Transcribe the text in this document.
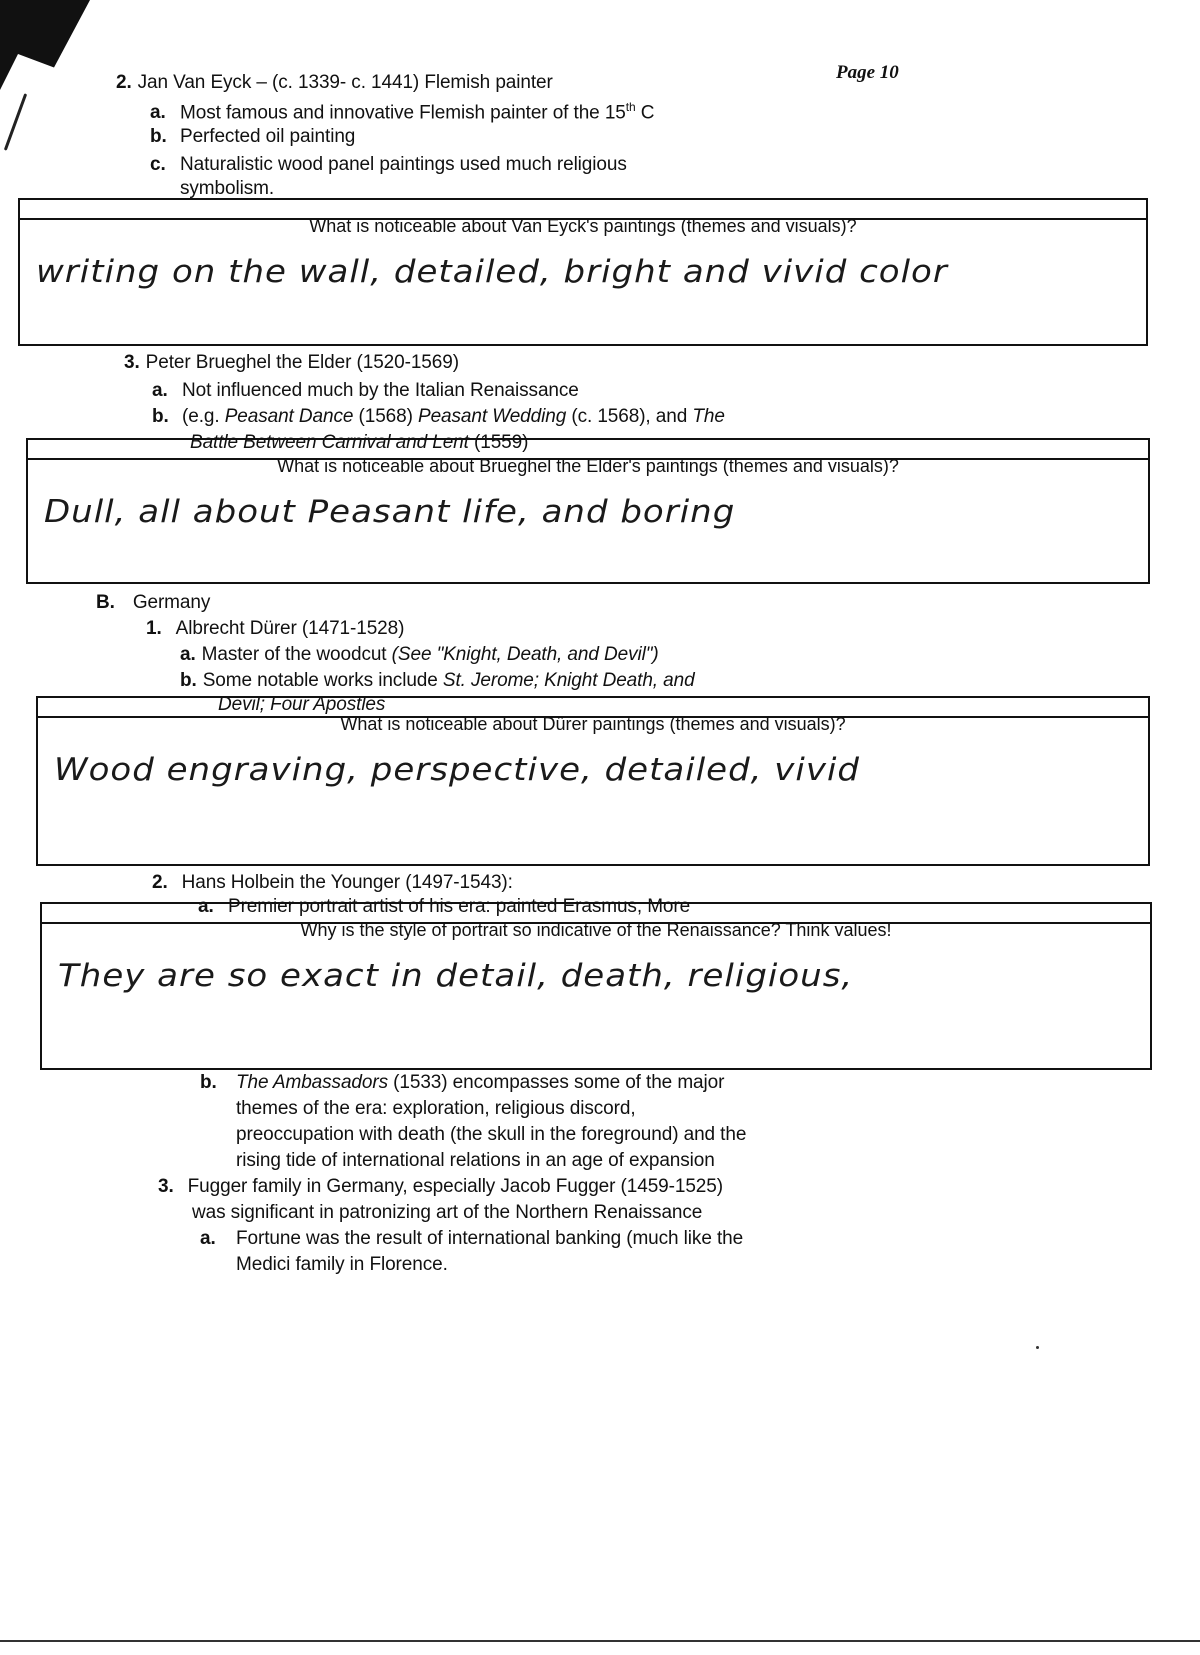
Page 10
2. Jan Van Eyck – (c. 1339- c. 1441) Flemish painter
a. Most famous and innovative Flemish painter of the 15th C
b. Perfected oil painting
c. Naturalistic wood panel paintings used much religious
symbolism.
What is noticeable about Van Eyck's paintings (themes and visuals)?
writing on the wall, detailed, bright and vivid color
3. Peter Brueghel the Elder (1520-1569)
a. Not influenced much by the Italian Renaissance
b. (e.g. Peasant Dance (1568) Peasant Wedding (c. 1568), and The
Battle Between Carnival and Lent (1559)
What is noticeable about Brueghel the Elder's paintings (themes and visuals)?
Dull, all about Peasant life, and boring
B. Germany
1. Albrecht Dürer (1471-1528)
a. Master of the woodcut (See "Knight, Death, and Devil")
b. Some notable works include St. Jerome; Knight Death, and
Devil; Four Apostles
What is noticeable about Dürer paintings (themes and visuals)?
Wood engraving, perspective, detailed, vivid
2. Hans Holbein the Younger (1497-1543):
a. Premier portrait artist of his era: painted Erasmus, More
Why is the style of portrait so indicative of the Renaissance? Think values!
They are so exact in detail, death, religious,
b. The Ambassadors (1533) encompasses some of the major
themes of the era: exploration, religious discord,
preoccupation with death (the skull in the foreground) and the
rising tide of international relations in an age of expansion
3. Fugger family in Germany, especially Jacob Fugger (1459-1525)
was significant in patronizing art of the Northern Renaissance
a. Fortune was the result of international banking (much like the
Medici family in Florence.
